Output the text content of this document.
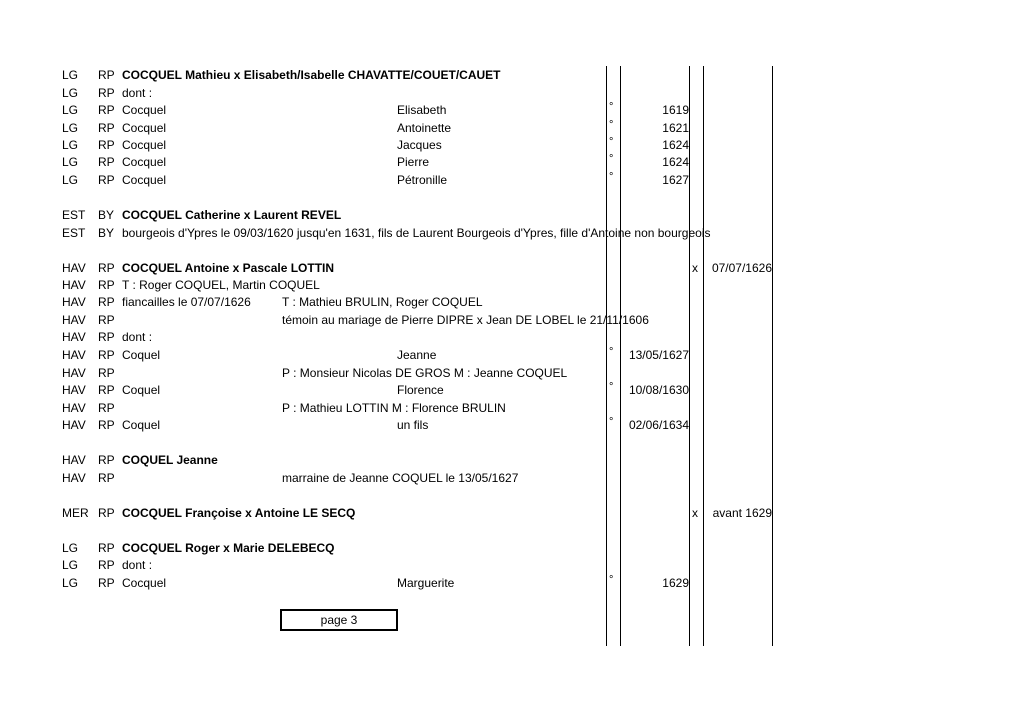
LG RP COCQUEL Mathieu x Elisabeth/Isabelle CHAVATTE/COUET/CAUET
LG RP dont :
LG RP Cocquel	Elisabeth	°	1619
LG RP Cocquel	Antoinette	°	1621
LG RP Cocquel	Jacques	°	1624
LG RP Cocquel	Pierre	°	1624
LG RP Cocquel	Pétronille	°	1627
EST BY COCQUEL Catherine x Laurent REVEL
EST BY bourgeois d'Ypres le 09/03/1620 jusqu'en 1631, fils de Laurent Bourgeois d'Ypres, fille d'Antoine non bourgeois
HAV RP COCQUEL Antoine x Pascale LOTTIN	x	07/07/1626
HAV RP T : Roger COQUEL, Martin COQUEL
HAV RP fiancailles le 07/07/1626	T : Mathieu BRULIN, Roger COQUEL
HAV RP	témoin au mariage de Pierre DIPRE x Jean DE LOBEL le 21/11/1606
HAV RP dont :
HAV RP Coquel	Jeanne	°	13/05/1627
HAV RP	P : Monsieur Nicolas DE GROS M : Jeanne COQUEL
HAV RP Coquel	Florence	°	10/08/1630
HAV RP	P : Mathieu LOTTIN M : Florence BRULIN
HAV RP Coquel	un fils	°	02/06/1634
HAV RP COQUEL Jeanne
HAV RP	marraine de Jeanne COQUEL le 13/05/1627
MER RP COCQUEL Françoise x Antoine LE SECQ	x	avant 1629
LG RP COCQUEL Roger x Marie DELEBECQ
LG RP dont :
LG RP Cocquel	Marguerite	°	1629
page 3
